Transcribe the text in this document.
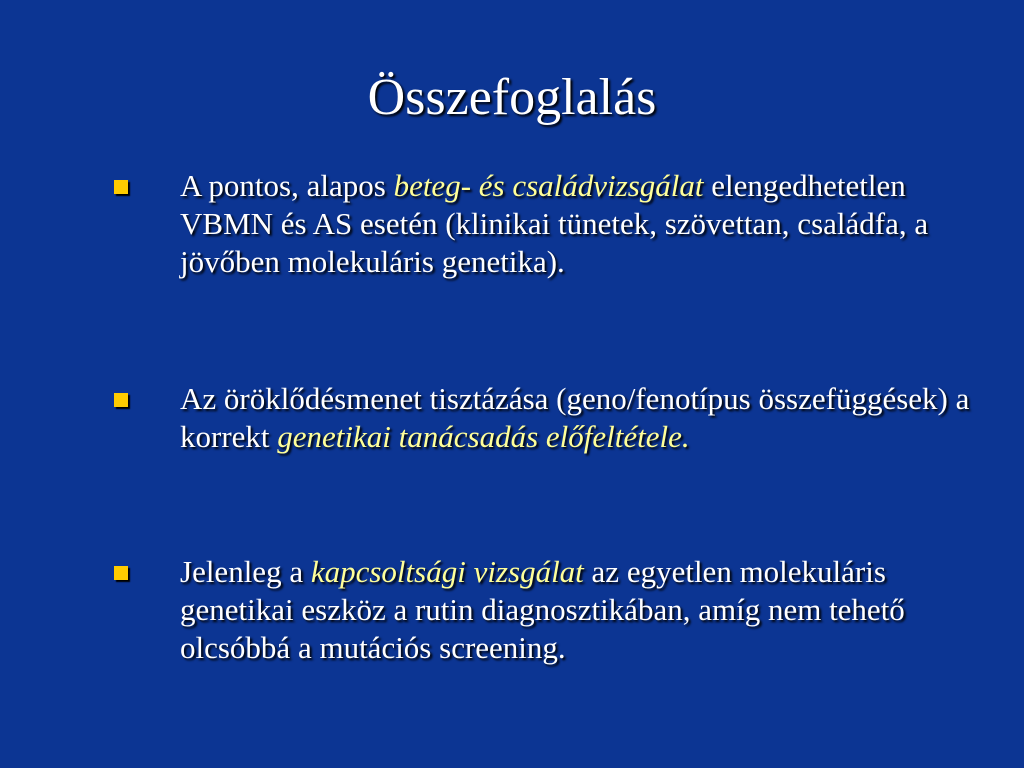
Összefoglalás
A pontos, alapos beteg- és családvizsgálat elengedhetetlen VBMN és AS esetén (klinikai tünetek, szövettan, családfa, a jövőben molekuláris genetika).
Az öröklődésmenet tisztázása (geno/fenotípus összefüggések) a korrekt genetikai tanácsadás előfeltétele.
Jelenleg a kapcsoltsági vizsgálat az egyetlen molekuláris genetikai eszköz a rutin diagnosztikában, amíg nem tehető olcsóbbá a mutációs screening.
